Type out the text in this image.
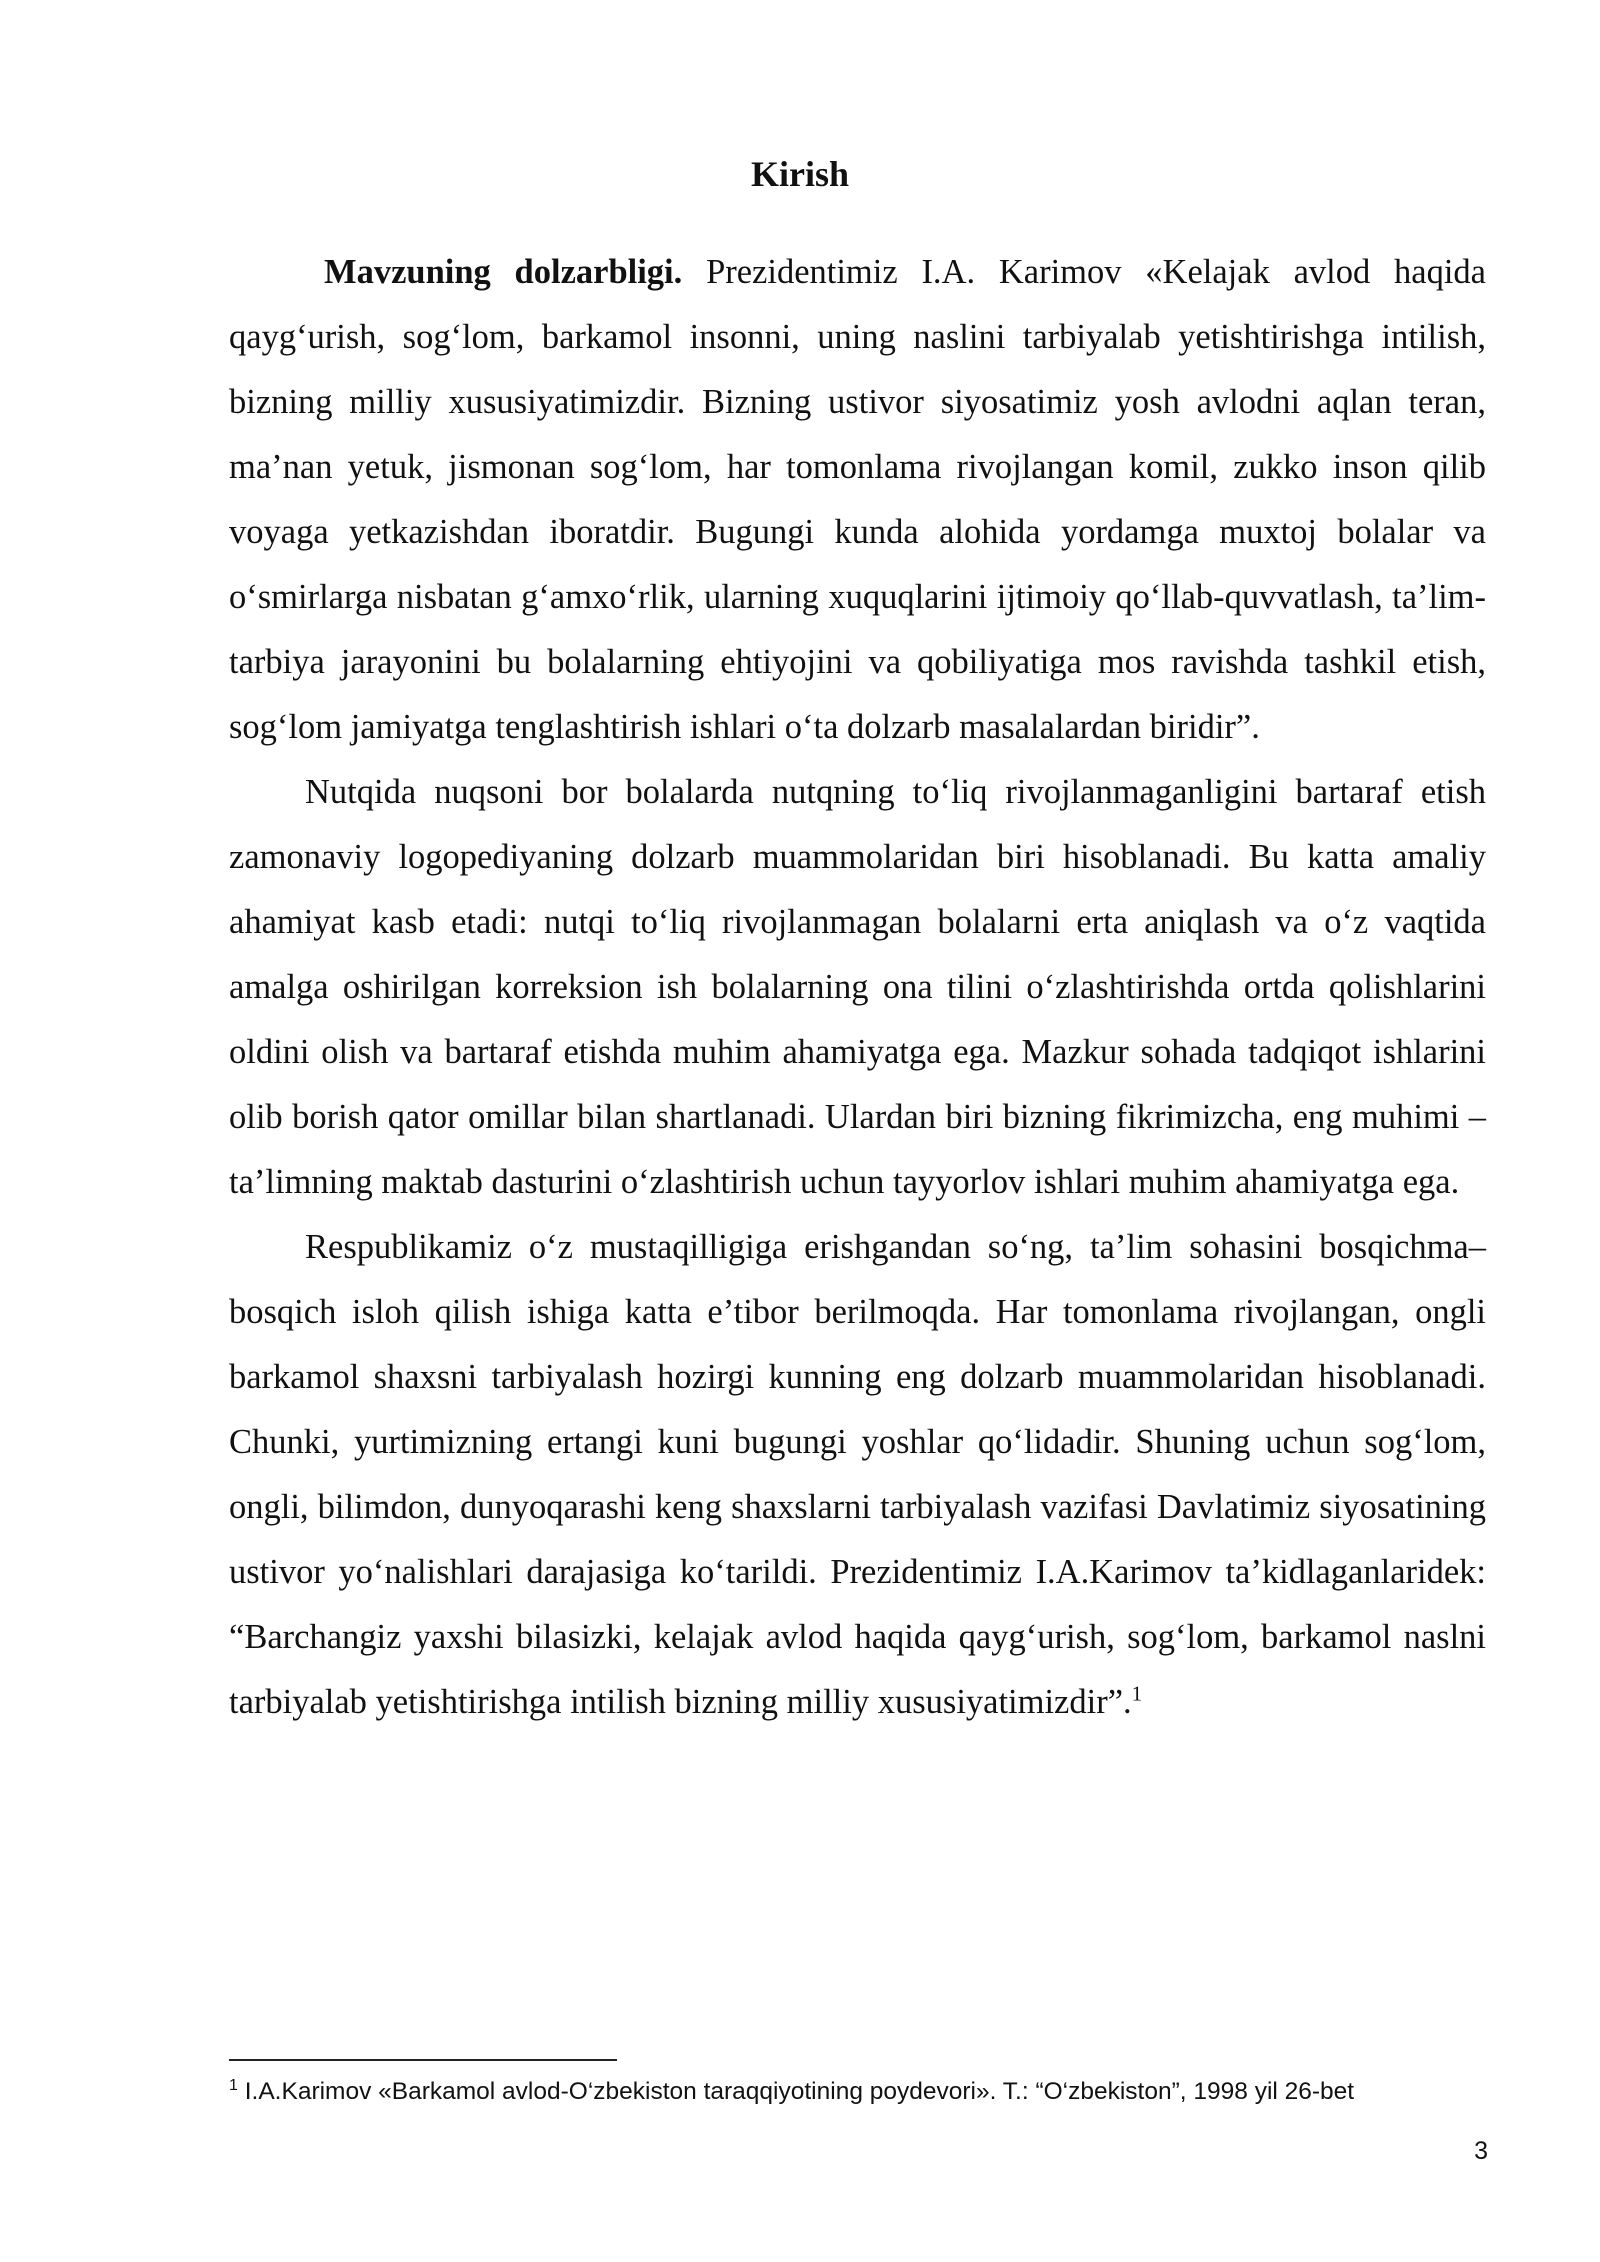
Kirish

Mavzuning dolzarbligi. Prezidentimiz I.A. Karimov «Kelajak avlod haqida qayg‘urish, sog‘lom, barkamol insonni, uning naslini tarbiyalab yetishtirishga intilish, bizning milliy xususiyatimizdir. Bizning ustivor siyosatimiz yosh avlodni aqlan teran, ma’nan yetuk, jismonan sog‘lom, har tomonlama rivojlangan komil, zukko inson qilib voyaga yetkazishdan iboratdir. Bugungi kunda alohida yordamga muxtoj bolalar va o‘smirlarga nisbatan g‘amxo‘rlik, ularning xuquqlarini ijtimoiy qo‘llab-quvvatlash, ta’lim-tarbiya jarayonini bu bolalarning ehtiyojini va qobiliyatiga mos ravishda tashkil etish, sog‘lom jamiyatga tenglashtirish ishlari o‘ta dolzarb masalalardan biridir”.

Nutqida nuqsoni bor bolalarda nutqning to‘liq rivojlanmaganligini bartaraf etish zamonaviy logopediyaning dolzarb muammolaridan biri hisoblanadi. Bu katta amaliy ahamiyat kasb etadi: nutqi to‘liq rivojlanmagan bolalarni erta aniqlash va o‘z vaqtida amalga oshirilgan korreksion ish bolalarning ona tilini o‘zlashtirishda ortda qolishlarini oldini olish va bartaraf etishda muhim ahamiyatga ega. Mazkur sohada tadqiqot ishlarini olib borish qator omillar bilan shartlanadi. Ulardan biri bizning fikrimizcha, eng muhimi – ta’limning maktab dasturini o‘zlashtirish uchun tayyorlov ishlari muhim ahamiyatga ega.

Respublikamiz o‘z mustaqilligiga erishgandan so‘ng, ta’lim sohasini bosqichma–bosqich isloh qilish ishiga katta e’tibor berilmoqda. Har tomonlama rivojlangan, ongli barkamol shaxsni tarbiyalash hozirgi kunning eng dolzarb muammolaridan hisoblanadi. Chunki, yurtimizning ertangi kuni bugungi yoshlar qo‘lidadir. Shuning uchun sog‘lom, ongli, bilimdon, dunyoqarashi keng shaxslarni tarbiyalash vazifasi Davlatimiz siyosatining ustivor yo‘nalishlari darajasiga ko‘tarildi. Prezidentimiz I.A.Karimov ta’kidlaganlaridek: “Barchangiz yaxshi bilasizki, kelajak avlod haqida qayg‘urish, sog‘lom, barkamol naslni tarbiyalab yetishtirishga intilish bizning milliy xususiyatimizdir”.$^1$

$^1$ I.A.Karimov «Barkamol avlod-O‘zbekiston taraqqiyotining poydevori». T.: “O‘zbekiston”, 1998 yil 26-bet
3
